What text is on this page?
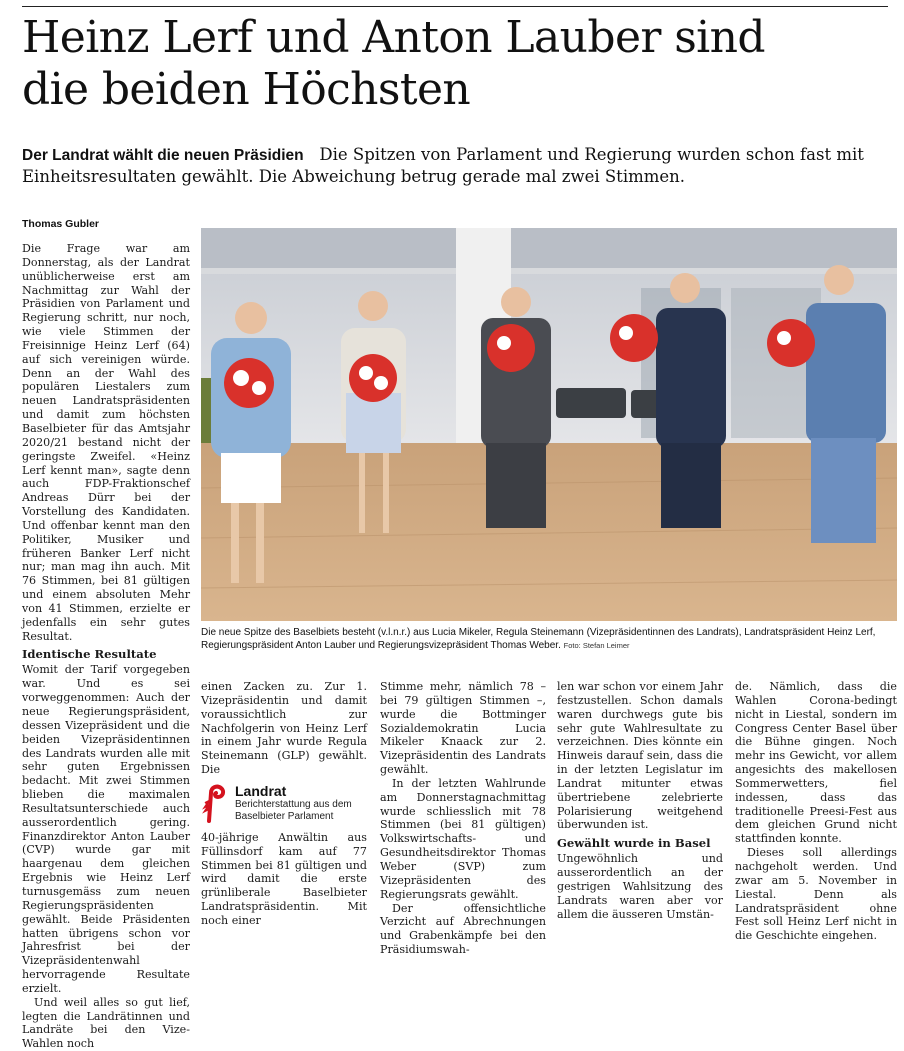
Heinz Lerf und Anton Lauber sind
die beiden Höchsten

Der Landrat wählt die neuen Präsidien Die Spitzen von Parlament und Regierung wurden schon fast mit Einheitsresultaten gewählt. Die Abweichung betrug gerade mal zwei Stimmen.

Thomas Gubler

Die Frage war am Donnerstag, als der Landrat unüblicherweise erst am Nachmittag zur Wahl der Präsidien von Parlament und Regierung schritt, nur noch, wie viele Stimmen der Freisinnige Heinz Lerf (64) auf sich vereinigen würde. Denn an der Wahl des populären Liestalers zum neuen Landratspräsidenten und damit zum höchsten Baselbieter für das Amtsjahr 2020/21 bestand nicht der geringste Zweifel. «Heinz Lerf kennt man», sagte denn auch FDP-Fraktionschef Andreas Dürr bei der Vorstellung des Kandidaten. Und offenbar kennt man den Politiker, Musiker und früheren Banker Lerf nicht nur; man mag ihn auch. Mit 76 Stimmen, bei 81 gültigen und einem absoluten Mehr von 41 Stimmen, erzielte er jedenfalls ein sehr gutes Resultat.

Identische Resultate

Womit der Tarif vorgegeben war. Und es sei vorweggenommen: Auch der neue Regierungspräsident, dessen Vizepräsident und die beiden Vizepräsidentinnen des Landrats wurden alle mit sehr guten Ergebnissen bedacht. Mit zwei Stimmen blieben die maximalen Resultatsunterschiede auch ausserordentlich gering. Finanzdirektor Anton Lauber (CVP) wurde gar mit haargenau dem gleichen Ergebnis wie Heinz Lerf turnusgemäss zum neuen Regierungspräsidenten gewählt. Beide Präsidenten hatten übrigens schon vor Jahresfrist bei der Vizepräsidentenwahl hervorragende Resultate erzielt.

Und weil alles so gut lief, legten die Landrätinnen und Landräte bei den Vize-Wahlen noch

Die neue Spitze des Baselbiets besteht (v.l.n.r.) aus Lucia Mikeler, Regula Steinemann (Vizepräsidentinnen des Landrats), Landratspräsident Heinz Lerf, Regierungspräsident Anton Lauber und Regierungsvizepräsident Thomas Weber. Foto: Stefan Leimer

einen Zacken zu. Zur 1. Vizepräsidentin und damit voraussichtlich zur Nachfolgerin von Heinz Lerf in einem Jahr wurde Regula Steinemann (GLP) gewählt. Die

Landrat
Berichterstattung aus dem Baselbieter Parlament

40-jährige Anwältin aus Füllinsdorf kam auf 77 Stimmen bei 81 gültigen und wird damit die erste grünliberale Baselbieter Landratspräsidentin. Mit noch einer

Stimme mehr, nämlich 78 – bei 79 gültigen Stimmen –, wurde die Bottminger Sozialdemokratin Lucia Mikeler Knaack zur 2. Vizepräsidentin des Landrats gewählt.

In der letzten Wahlrunde am Donnerstagnachmittag wurde schliesslich mit 78 Stimmen (bei 81 gültigen) Volkswirtschafts- und Gesundheitsdirektor Thomas Weber (SVP) zum Vizepräsidenten des Regierungsrats gewählt.

Der offensichtliche Verzicht auf Abrechnungen und Grabenkämpfe bei den Präsidiumswah-

len war schon vor einem Jahr festzustellen. Schon damals waren durchwegs gute bis sehr gute Wahlresultate zu verzeichnen. Dies könnte ein Hinweis darauf sein, dass die in der letzten Legislatur im Landrat mitunter etwas übertriebene zelebrierte Polarisierung weitgehend überwunden ist.

Gewählt wurde in Basel

Ungewöhnlich und ausserordentlich an der gestrigen Wahlsitzung des Landrats waren aber vor allem die äusseren Umstän-

de. Nämlich, dass die Wahlen Corona-bedingt nicht in Liestal, sondern im Congress Center Basel über die Bühne gingen. Noch mehr ins Gewicht, vor allem angesichts des makellosen Sommerwetters, fiel indessen, dass das traditionelle Preesi-Fest aus dem gleichen Grund nicht stattfinden konnte.

Dieses soll allerdings nachgeholt werden. Und zwar am 5. November in Liestal. Denn als Landratspräsident ohne Fest soll Heinz Lerf nicht in die Geschichte eingehen.
